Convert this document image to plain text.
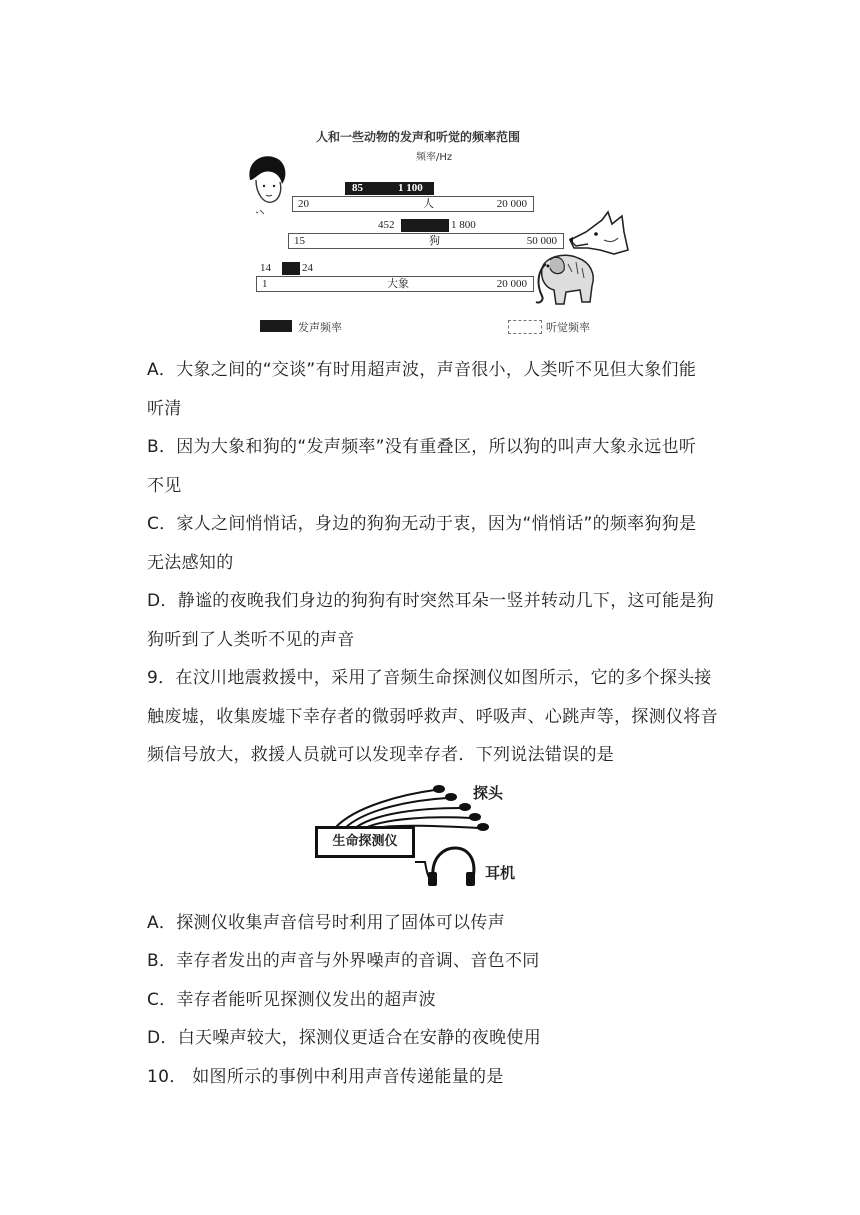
人和一些动物的发声和听觉的频率范围
频率/Hz
85	1 100
20	人	20 000
452	1 800
15	狗	50 000
14	24
1	大象	20 000
发声频率	听觉频率
A．大象之间的“交谈”有时用超声波，声音很小，人类听不见但大象们能
听清
B．因为大象和狗的“发声频率”没有重叠区，所以狗的叫声大象永远也听
不见
C．家人之间悄悄话，身边的狗狗无动于衷，因为“悄悄话”的频率狗狗是
无法感知的
D．静谧的夜晚我们身边的狗狗有时突然耳朵一竖并转动几下，这可能是狗
狗听到了人类听不见的声音
9．在汶川地震救援中，采用了音频生命探测仪如图所示，它的多个探头接
触废墟，收集废墟下幸存者的微弱呼救声、呼吸声、心跳声等，探测仪将音
频信号放大，救援人员就可以发现幸存者．下列说法错误的是
生命探测仪
探头
耳机
A．探测仪收集声音信号时利用了固体可以传声
B．幸存者发出的声音与外界噪声的音调、音色不同
C．幸存者能听见探测仪发出的超声波
D．白天噪声较大，探测仪更适合在安静的夜晚使用
10． 如图所示的事例中利用声音传递能量的是
